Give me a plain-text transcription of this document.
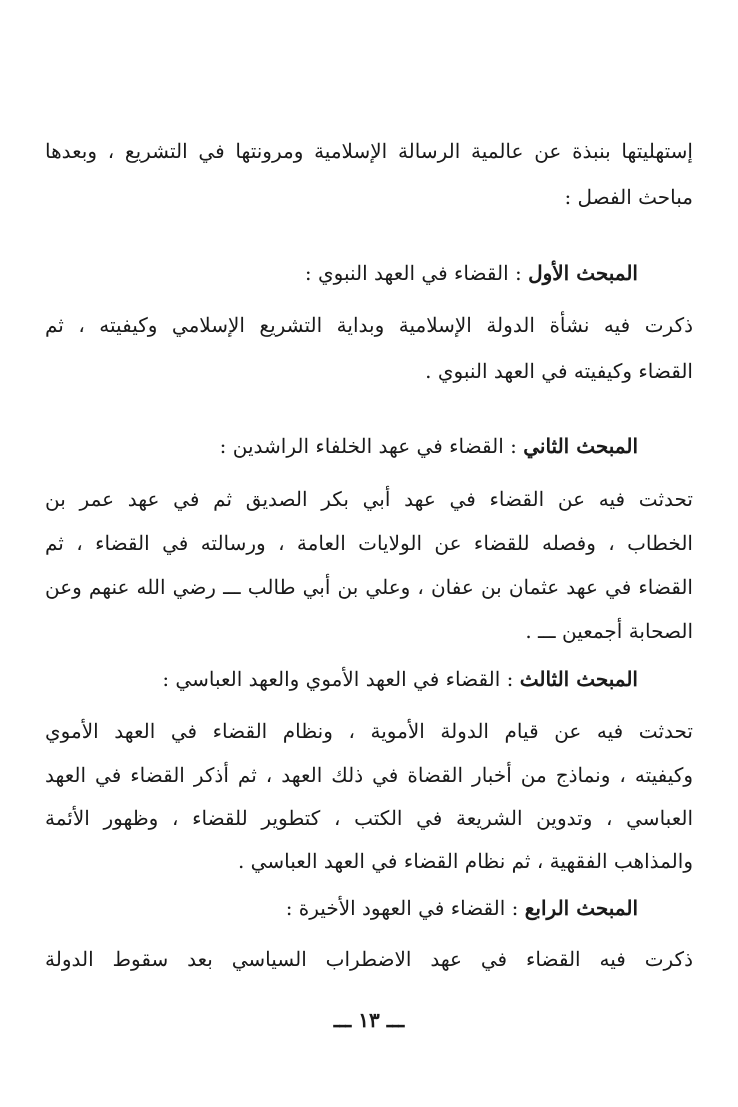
إستهليتها بنبذة عن عالمية الرسالة الإسلامية ومرونتها في التشريع ، وبعدها
مباحث الفصل :
المبحث الأول : القضاء في العهد النبوي :
ذكرت فيه نشأة الدولة الإسلامية وبداية التشريع الإسلامي وكيفيته ، ثم
القضاء وكيفيته في العهد النبوي .
المبحث الثاني : القضاء في عهد الخلفاء الراشدين :
تحدثت فيه عن القضاء في عهد أبي بكر الصديق ثم في عهد عمر بن
الخطاب ، وفصله للقضاء عن الولايات العامة ، ورسالته في القضاء ، ثم
القضاء في عهد عثمان بن عفان ، وعلي بن أبي طالب ـــ رضي الله عنهم وعن
الصحابة أجمعين ـــ .
المبحث الثالث : القضاء في العهد الأموي والعهد العباسي :
تحدثت فيه عن قيام الدولة الأموية ، ونظام القضاء في العهد الأموي
وكيفيته ، ونماذج من أخبار القضاة في ذلك العهد ، ثم أذكر القضاء في العهد
العباسي ، وتدوين الشريعة في الكتب ، كتطوير للقضاء ، وظهور الأئمة
والمذاهب الفقهية ، ثم نظام القضاء في العهد العباسي .
المبحث الرابع : القضاء في العهود الأخيرة :
ذكرت فيه القضاء في عهد الاضطراب السياسي بعد سقوط الدولة
ـــ ١٣ ـــ
